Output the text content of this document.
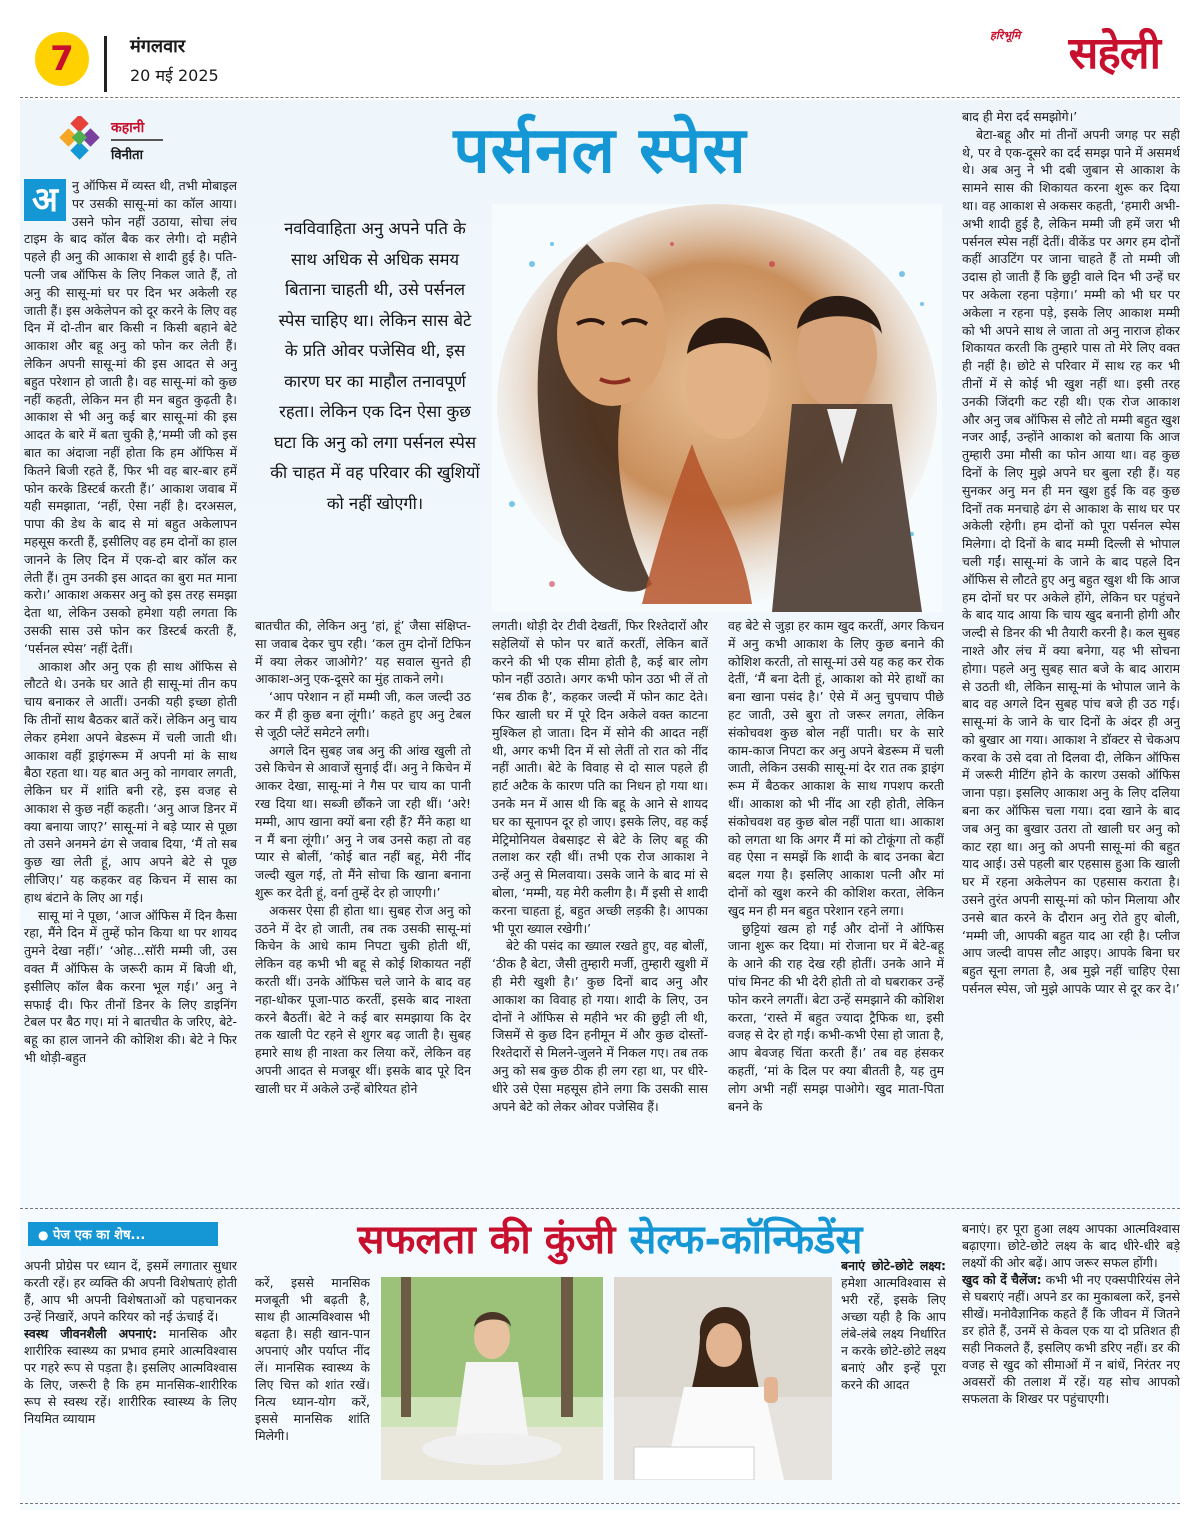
7	मंगलवार
20 मई 2025
हरिभूमि सहेली
कहानी
विनीता	पर्सनल स्पेस
नवविवाहिता अनु अपने पति के साथ अधिक से अधिक समय बिताना चाहती थी, उसे पर्सनल स्पेस चाहिए था। लेकिन सास बेटे के प्रति ओवर पजेसिव थी, इस कारण घर का माहौल तनावपूर्ण रहता। लेकिन एक दिन ऐसा कुछ घटा कि अनु को लगा पर्सनल स्पेस की चाहत में वह परिवार की खुशियों को नहीं खोएगी।
अ	नु ऑफिस में व्यस्त थी, तभी मोबाइल पर उसकी सासू-मां का कॉल आया। उसने फोन नहीं उठाया, सोचा लंच टाइम के बाद कॉल बैक कर लेगी। दो महीने पहले ही अनु की आकाश से शादी हुई है। पति-पत्नी जब ऑफिस के लिए निकल जाते हैं, तो अनु की सासू-मां घर पर दिन भर अकेली रह जाती हैं। इस अकेलेपन को दूर करने के लिए वह दिन में दो-तीन बार किसी न किसी बहाने बेटे आकाश और बहू अनु को फोन कर लेती हैं। लेकिन अपनी सासू-मां की इस आदत से अनु बहुत परेशान हो जाती है। वह सासू-मां को कुछ नहीं कहती, लेकिन मन ही मन बहुत कुढ़ती है। आकाश से भी अनु कई बार सासू-मां की इस आदत के बारे में बता चुकी है,‘मम्मी जी को इस बात का अंदाजा नहीं होता कि हम ऑफिस में कितने बिजी रहते हैं, फिर भी वह बार-बार हमें फोन करके डिस्टर्ब करती हैं।’ आकाश जवाब में यही समझाता, ‘नहीं, ऐसा नहीं है। दरअसल, पापा की डेथ के बाद से मां बहुत अकेलापन महसूस करती हैं, इसीलिए वह हम दोनों का हाल जानने के लिए दिन में एक-दो बार कॉल कर लेती हैं। तुम उनकी इस आदत का बुरा मत माना करो।’ आकाश अकसर अनु को इस तरह समझा देता था, लेकिन उसको हमेशा यही लगता कि उसकी सास उसे फोन कर डिस्टर्ब करती हैं, ‘पर्सनल स्पेस’ नहीं देतीं।

आकाश और अनु एक ही साथ ऑफिस से लौटते थे। उनके घर आते ही सासू-मां तीन कप चाय बनाकर ले आतीं। उनकी यही इच्छा होती कि तीनों साथ बैठकर बातें करें। लेकिन अनु चाय लेकर हमेशा अपने बेडरूम में चली जाती थी। आकाश वहीं ड्राइंगरूम में अपनी मां के साथ बैठा रहता था। यह बात अनु को नागवार लगती, लेकिन घर में शांति बनी रहे, इस वजह से आकाश से कुछ नहीं कहती। ‘अनु आज डिनर में क्या बनाया जाए?’ सासू-मां ने बड़े प्यार से पूछा तो उसने अनमने ढंग से जवाब दिया, ‘मैं तो सब कुछ खा लेती हूं, आप अपने बेटे से पूछ लीजिए।’ यह कहकर वह किचन में सास का हाथ बंटाने के लिए आ गई।

सासू मां ने पूछा, ‘आज ऑफिस में दिन कैसा रहा, मैंने दिन में तुम्हें फोन किया था पर शायद तुमने देखा नहीं।’ ‘ओह...सॉरी मम्मी जी, उस वक्त मैं ऑफिस के जरूरी काम में बिजी थी, इसीलिए कॉल बैक करना भूल गई।’ अनु ने सफाई दी। फिर तीनों डिनर के लिए डाइनिंग टेबल पर बैठ गए। मां ने बातचीत के जरिए, बेटे-बहू का हाल जानने की कोशिश की। बेटे ने फिर भी थोड़ी-बहुत

बातचीत की, लेकिन अनु ‘हां, हूं’ जैसा संक्षिप्त-सा जवाब देकर चुप रही। ‘कल तुम दोनों टिफिन में क्या लेकर जाओगे?’ यह सवाल सुनते ही आकाश-अनु एक-दूसरे का मुंह ताकने लगे।

‘आप परेशान न हों मम्मी जी, कल जल्दी उठ कर मैं ही कुछ बना लूंगी।’ कहते हुए अनु टेबल से जूठी प्लेटें समेटने लगी।

अगले दिन सुबह जब अनु की आंख खुली तो उसे किचेन से आवाजें सुनाई दीं। अनु ने किचेन में आकर देखा, सासू-मां ने गैस पर चाय का पानी रख दिया था। सब्जी छौंकने जा रही थीं। ‘अरे! मम्मी, आप खाना क्यों बना रही हैं? मैंने कहा था न मैं बना लूंगी।’ अनु ने जब उनसे कहा तो वह प्यार से बोलीं, ‘कोई बात नहीं बहू, मेरी नींद जल्दी खुल गई, तो मैंने सोचा कि खाना बनाना शुरू कर देती हूं, वर्ना तुम्हें देर हो जाएगी।’

अकसर ऐसा ही होता था। सुबह रोज अनु को उठने में देर हो जाती, तब तक उसकी सासू-मां किचेन के आधे काम निपटा चुकी होती थीं, लेकिन वह कभी भी बहू से कोई शिकायत नहीं करती थीं। उनके ऑफिस चले जाने के बाद वह नहा-धोकर पूजा-पाठ करतीं, इसके बाद नाश्ता करने बैठतीं। बेटे ने कई बार समझाया कि देर तक खाली पेट रहने से शुगर बढ़ जाती है। सुबह हमारे साथ ही नाश्ता कर लिया करें, लेकिन वह अपनी आदत से मजबूर थीं। इसके बाद पूरे दिन खाली घर में अकेले उन्हें बोरियत होने

लगती। थोड़ी देर टीवी देखतीं, फिर रिश्तेदारों और सहेलियों से फोन पर बातें करतीं, लेकिन बातें करने की भी एक सीमा होती है, कई बार लोग फोन नहीं उठाते। अगर कभी फोन उठा भी लें तो ‘सब ठीक है’, कहकर जल्दी में फोन काट देते। फिर खाली घर में पूरे दिन अकेले वक्त काटना मुश्किल हो जाता। दिन में सोने की आदत नहीं थी, अगर कभी दिन में सो लेतीं तो रात को नींद नहीं आती। बेटे के विवाह से दो साल पहले ही हार्ट अटैक के कारण पति का निधन हो गया था। उनके मन में आस थी कि बहू के आने से शायद घर का सूनापन दूर हो जाए। इसके लिए, वह कई मेट्रिमोनियल वेबसाइट से बेटे के लिए बहू की तलाश कर रही थीं। तभी एक रोज आकाश ने उन्हें अनु से मिलवाया। उसके जाने के बाद मां से बोला, ‘मम्मी, यह मेरी कलीग है। मैं इसी से शादी करना चाहता हूं, बहुत अच्छी लड़की है। आपका भी पूरा ख्याल रखेगी।’

बेटे की पसंद का ख्याल रखते हुए, वह बोलीं, ‘ठीक है बेटा, जैसी तुम्हारी मर्जी, तुम्हारी खुशी में ही मेरी खुशी है।’ कुछ दिनों बाद अनु और आकाश का विवाह हो गया। शादी के लिए, उन दोनों ने ऑफिस से महीने भर की छुट्टी ली थी, जिसमें से कुछ दिन हनीमून में और कुछ दोस्तों-रिश्तेदारों से मिलने-जुलने में निकल गए। तब तक अनु को सब कुछ ठीक ही लग रहा था, पर धीरे-धीरे उसे ऐसा महसूस होने लगा कि उसकी सास अपने बेटे को लेकर ओवर पजेसिव हैं।

वह बेटे से जुड़ा हर काम खुद करतीं, अगर किचन में अनु कभी आकाश के लिए कुछ बनाने की कोशिश करती, तो सासू-मां उसे यह कह कर रोक देतीं, ‘मैं बना देती हूं, आकाश को मेरे हाथों का बना खाना पसंद है।’ ऐसे में अनु चुपचाप पीछे हट जाती, उसे बुरा तो जरूर लगता, लेकिन संकोचवश कुछ बोल नहीं पाती। घर के सारे काम-काज निपटा कर अनु अपने बेडरूम में चली जाती, लेकिन उसकी सासू-मां देर रात तक ड्राइंग रूम में बैठकर आकाश के साथ गपशप करती थीं। आकाश को भी नींद आ रही होती, लेकिन संकोचवश वह कुछ बोल नहीं पाता था। आकाश को लगता था कि अगर मैं मां को टोकूंगा तो कहीं वह ऐसा न समझें कि शादी के बाद उनका बेटा बदल गया है। इसलिए आकाश पत्नी और मां दोनों को खुश करने की कोशिश करता, लेकिन खुद मन ही मन बहुत परेशान रहने लगा।

छुट्टियां खत्म हो गईं और दोनों ने ऑफिस जाना शुरू कर दिया। मां रोजाना घर में बेटे-बहू के आने की राह देख रही होतीं। उनके आने में पांच मिनट की भी देरी होती तो वो घबराकर उन्हें फोन करने लगतीं। बेटा उन्हें समझाने की कोशिश करता, ‘रास्ते में बहुत ज्यादा ट्रैफिक था, इसी वजह से देर हो गई। कभी-कभी ऐसा हो जाता है, आप बेवजह चिंता करती हैं।’ तब वह हंसकर कहतीं, ‘मां के दिल पर क्या बीतती है, यह तुम लोग अभी नहीं समझ पाओगे। खुद माता-पिता बनने के

बाद ही मेरा दर्द समझोगे।’

बेटा-बहू और मां तीनों अपनी जगह पर सही थे, पर वे एक-दूसरे का दर्द समझ पाने में असमर्थ थे। अब अनु ने भी दबी जुबान से आकाश के सामने सास की शिकायत करना शुरू कर दिया था। वह आकाश से अकसर कहती, ‘हमारी अभी-अभी शादी हुई है, लेकिन मम्मी जी हमें जरा भी पर्सनल स्पेस नहीं देतीं। वीकेंड पर अगर हम दोनों कहीं आउटिंग पर जाना चाहते हैं तो मम्मी जी उदास हो जाती हैं कि छुट्टी वाले दिन भी उन्हें घर पर अकेला रहना पड़ेगा।’ मम्मी को भी घर पर अकेला न रहना पड़े, इसके लिए आकाश मम्मी को भी अपने साथ ले जाता तो अनु नाराज होकर शिकायत करती कि तुम्हारे पास तो मेरे लिए वक्त ही नहीं है। छोटे से परिवार में साथ रह कर भी तीनों में से कोई भी खुश नहीं था। इसी तरह उनकी जिंदगी कट रही थी। एक रोज आकाश और अनु जब ऑफिस से लौटे तो मम्मी बहुत खुश नजर आईं, उन्होंने आकाश को बताया कि आज तुम्हारी उमा मौसी का फोन आया था। वह कुछ दिनों के लिए मुझे अपने घर बुला रही हैं। यह सुनकर अनु मन ही मन खुश हुई कि वह कुछ दिनों तक मनचाहे ढंग से आकाश के साथ घर पर अकेली रहेगी। हम दोनों को पूरा पर्सनल स्पेस मिलेगा। दो दिनों के बाद मम्मी दिल्ली से भोपाल चली गईं। सासू-मां के जाने के बाद पहले दिन ऑफिस से लौटते हुए अनु बहुत खुश थी कि आज हम दोनों घर पर अकेले होंगे, लेकिन घर पहुंचने के बाद याद आया कि चाय खुद बनानी होगी और जल्दी से डिनर की भी तैयारी करनी है। कल सुबह नाश्ते और लंच में क्या बनेगा, यह भी सोचना होगा। पहले अनु सुबह सात बजे के बाद आराम से उठती थी, लेकिन सासू-मां के भोपाल जाने के बाद वह अगले दिन सुबह पांच बजे ही उठ गई। सासू-मां के जाने के चार दिनों के अंदर ही अनु को बुखार आ गया। आकाश ने डॉक्टर से चेकअप करवा के उसे दवा तो दिलवा दी, लेकिन ऑफिस में जरूरी मीटिंग होने के कारण उसको ऑफिस जाना पड़ा। इसलिए आकाश अनु के लिए दलिया बना कर ऑफिस चला गया। दवा खाने के बाद जब अनु का बुखार उतरा तो खाली घर अनु को काट रहा था। अनु को अपनी सासू-मां की बहुत याद आई। उसे पहली बार एहसास हुआ कि खाली घर में रहना अकेलेपन का एहसास कराता है। उसने तुरंत अपनी सासू-मां को फोन मिलाया और उनसे बात करने के दौरान अनु रोते हुए बोली, ‘मम्मी जी, आपकी बहुत याद आ रही है। प्लीज आप जल्दी वापस लौट आइए। आपके बिना घर बहुत सूना लगता है, अब मुझे नहीं चाहिए ऐसा पर्सनल स्पेस, जो मुझे आपके प्यार से दूर कर दे।’

● पेज एक का शेष...	सफलता की कुंजी सेल्फ-कॉन्फिडेंस

अपनी प्रोग्रेस पर ध्यान दें, इसमें लगातार सुधार करती रहें। हर व्यक्ति की अपनी विशेषताएं होती हैं, आप भी अपनी विशेषताओं को पहचानकर उन्हें निखारें, अपने करियर को नई ऊंचाई दें।

स्वस्थ जीवनशैली अपनाएं: मानसिक और शारीरिक स्वास्थ्य का प्रभाव हमारे आत्मविश्वास पर गहरे रूप से पड़ता है। इसलिए आत्मविश्वास के लिए, जरूरी है कि हम मानसिक-शारीरिक रूप से स्वस्थ रहें। शारीरिक स्वास्थ्य के लिए नियमित व्यायाम

करें, इससे मानसिक मजबूती भी बढ़ती है, साथ ही आत्मविश्वास भी बढ़ता है। सही खान-पान अपनाएं और पर्याप्त नींद लें। मानसिक स्वास्थ्य के लिए चित्त को शांत रखें। नित्य ध्यान-योग करें, इससे मानसिक शांति मिलेगी।

बनाएं छोटे-छोटे लक्ष्य: हमेशा आत्मविश्वास से भरी रहें, इसके लिए अच्छा यही है कि आप लंबे-लंबे लक्ष्य निर्धारित न करके छोटे-छोटे लक्ष्य बनाएं और इन्हें पूरा करने की आदत

बनाएं। हर पूरा हुआ लक्ष्य आपका आत्मविश्वास बढ़ाएगा। छोटे-छोटे लक्ष्य के बाद धीरे-धीरे बड़े लक्ष्यों की ओर बढ़ें। आप जरूर सफल होंगी।

खुद को दें चैलेंज: कभी भी नए एक्सपीरियंस लेने से घबराएं नहीं। अपने डर का मुकाबला करें, इनसे सीखें। मनोवैज्ञानिक कहते हैं कि जीवन में जितने डर होते हैं, उनमें से केवल एक या दो प्रतिशत ही सही निकलते हैं, इसलिए कभी डरिए नहीं। डर की वजह से खुद को सीमाओं में न बांधें, निरंतर नए अवसरों की तलाश में रहें। यह सोच आपको सफलता के शिखर पर पहुंचाएगी।
